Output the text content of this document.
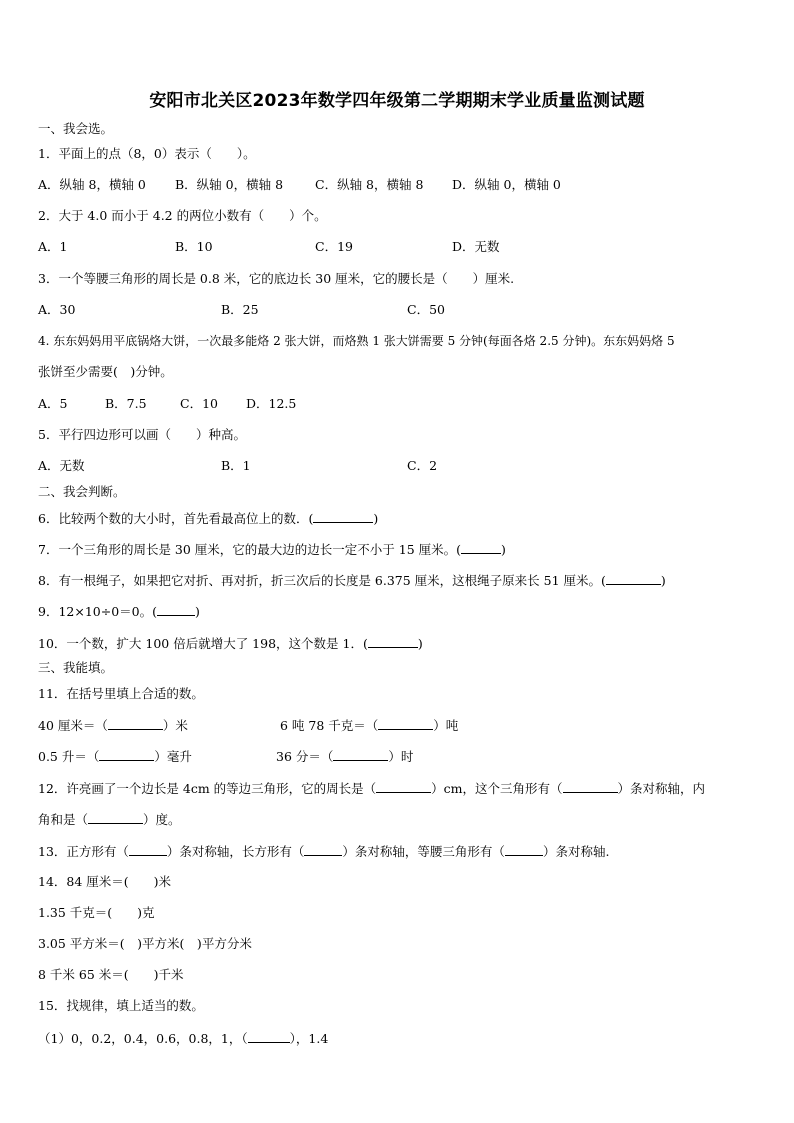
安阳市北关区2023年数学四年级第二学期期末学业质量监测试题
一、我会选。
1．平面上的点（8，0）表示（　　）。
A．纵轴 8，横轴 0 B．纵轴 0，横轴 8	C．纵轴 8，横轴 8 D．纵轴 0，横轴 0
2．大于 4.0 而小于 4.2 的两位小数有（　　）个。
A．1	B．10	C．19	D．无数
3．一个等腰三角形的周长是 0.8 米，它的底边长 30 厘米，它的腰长是（　　）厘米.
A．30	B．25	C．50
4. 东东妈妈用平底锅烙大饼，一次最多能烙 2 张大饼，而烙熟 1 张大饼需要 5 分钟(每面各烙 2.5 分钟)。东东妈妈烙 5
张饼至少需要(　)分钟。
A．5	B．7.5	C．10 D．12.5
5．平行四边形可以画（　　）种高。
A．无数	B．1	C．2
二、我会判断。
6．比较两个数的大小时，首先看最高位上的数．(	)
7．一个三角形的周长是 30 厘米，它的最大边的边长一定不小于 15 厘米。(	)
8．有一根绳子，如果把它对折、再对折，折三次后的长度是 6.375 厘米，这根绳子原来长 51 厘米。(	)
9．12×10÷0＝0。(	)
10．一个数，扩大 100 倍后就增大了 198，这个数是 1．(	)
三、我能填。
11．在括号里填上合适的数。
40 厘米＝（	）米	6 吨 78 千克＝（	）吨
0.5 升＝（	）毫升	36 分＝（	）时
12．许亮画了一个边长是 4cm 的等边三角形，它的周长是（	）cm，这个三角形有（	）条对称轴，内
角和是（	）度。
13．正方形有（	）条对称轴，长方形有（	）条对称轴，等腰三角形有（	）条对称轴.
14．84 厘米＝(　　)米
1.35 千克＝(　　)克
3.05 平方米＝(　)平方米(　)平方分米
8 千米 65 米＝(　　)千米
15．找规律，填上适当的数。
（1）0，0.2，0.4，0.6，0.8，1，（	），1.4
